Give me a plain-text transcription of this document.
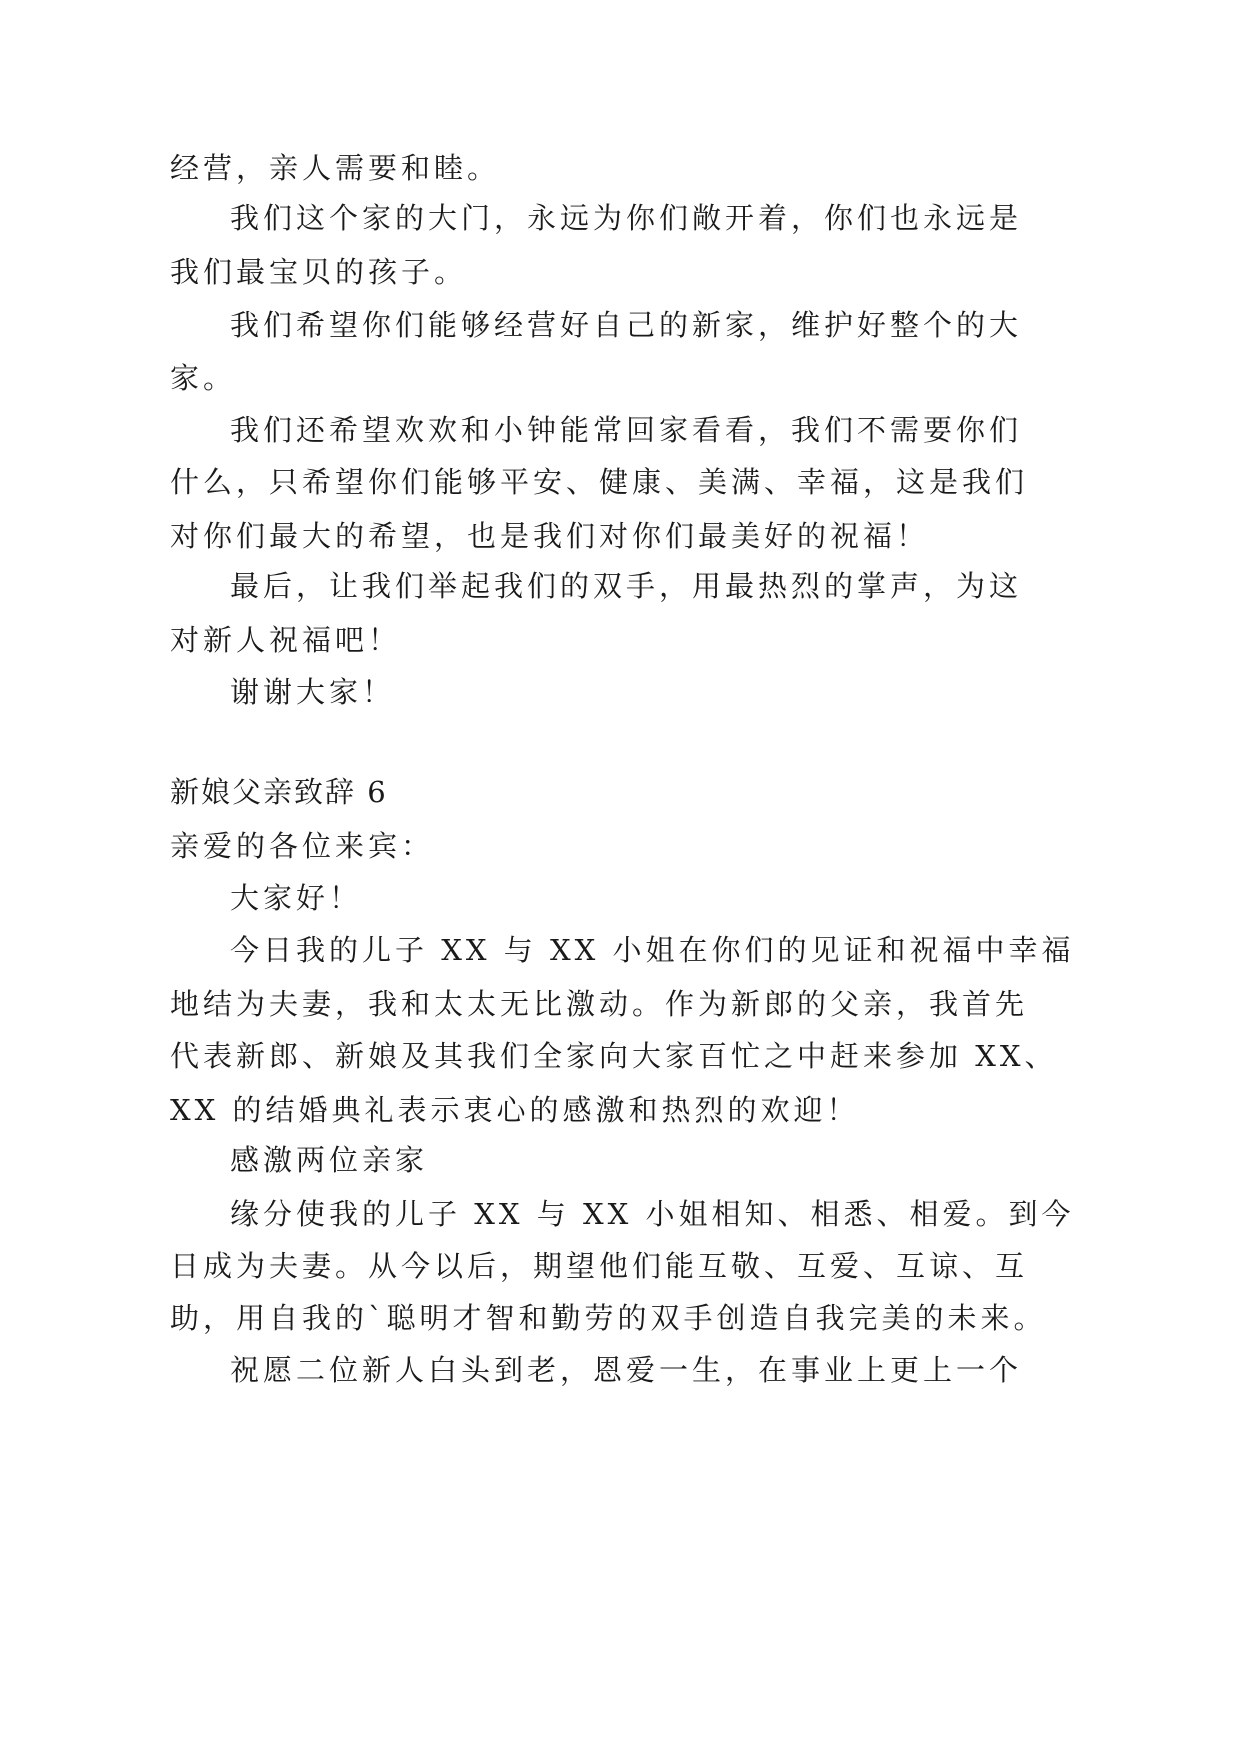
经营，亲人需要和睦。
我们这个家的大门，永远为你们敞开着，你们也永远是
我们最宝贝的孩子。
我们希望你们能够经营好自己的新家，维护好整个的大
家。
我们还希望欢欢和小钟能常回家看看，我们不需要你们
什么，只希望你们能够平安、健康、美满、幸福，这是我们
对你们最大的希望，也是我们对你们最美好的祝福！
最后，让我们举起我们的双手，用最热烈的掌声，为这
对新人祝福吧！
谢谢大家！
新娘父亲致辞 6
亲爱的各位来宾：
大家好！
今日我的儿子 XX 与 XX 小姐在你们的见证和祝福中幸福
地结为夫妻，我和太太无比激动。作为新郎的父亲，我首先
代表新郎、新娘及其我们全家向大家百忙之中赶来参加 XX、
XX 的结婚典礼表示衷心的感激和热烈的欢迎！
感激两位亲家
缘分使我的儿子 XX 与 XX 小姐相知、相悉、相爱。到今
日成为夫妻。从今以后，期望他们能互敬、互爱、互谅、互
助，用自我的`聪明才智和勤劳的双手创造自我完美的未来。
祝愿二位新人白头到老，恩爱一生，在事业上更上一个
